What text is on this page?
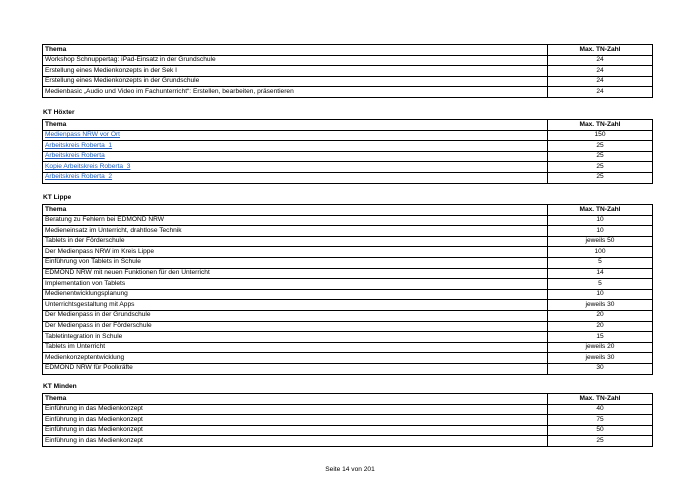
Thema	Max. TN-Zahl
Workshop Schnuppertag: iPad-Einsatz in der Grundschule	24
Erstellung eines Medienkonzepts in der Sek I	24
Erstellung eines Medienkonzepts in der Grundschule	24
Medienbasic „Audio und Video im Fachunterricht“: Erstellen, bearbeiten, präsentieren	24
KT Höxter
Thema	Max. TN-Zahl
Medienpass NRW vor Ort	150
Arbeitskreis Roberta_1	25
Arbeitskreis Roberta	25
Kopie Arbeitskreis Roberta_3	25
Arbeitskreis Roberta_2	25
KT Lippe
Thema	Max. TN-Zahl
Beratung zu Fehlern bei EDMOND NRW	10
Medieneinsatz im Unterricht, drahtlose Technik	10
Tablets in der Förderschule	jeweils 50
Der Medienpass NRW im Kreis Lippe	100
Einführung von Tablets in Schule	5
EDMOND NRW mit neuen Funktionen für den Unterricht	14
Implementation von Tablets	5
Medienentwicklungsplanung	10
Unterrichtsgestaltung mit Apps	jeweils 30
Der Medienpass in der Grundschule	20
Der Medienpass in der Förderschule	20
Tabletintegration in Schule	15
Tablets im Unterricht	jeweils 20
Medienkonzeptentwicklung	jeweils 30
EDMOND NRW für Poolkräfte	30
KT Minden
Thema	Max. TN-Zahl
Einführung in das Medienkonzept	40
Einführung in das Medienkonzept	75
Einführung in das Medienkonzept	50
Einführung in das Medienkonzept	25
Seite 14 von 201
